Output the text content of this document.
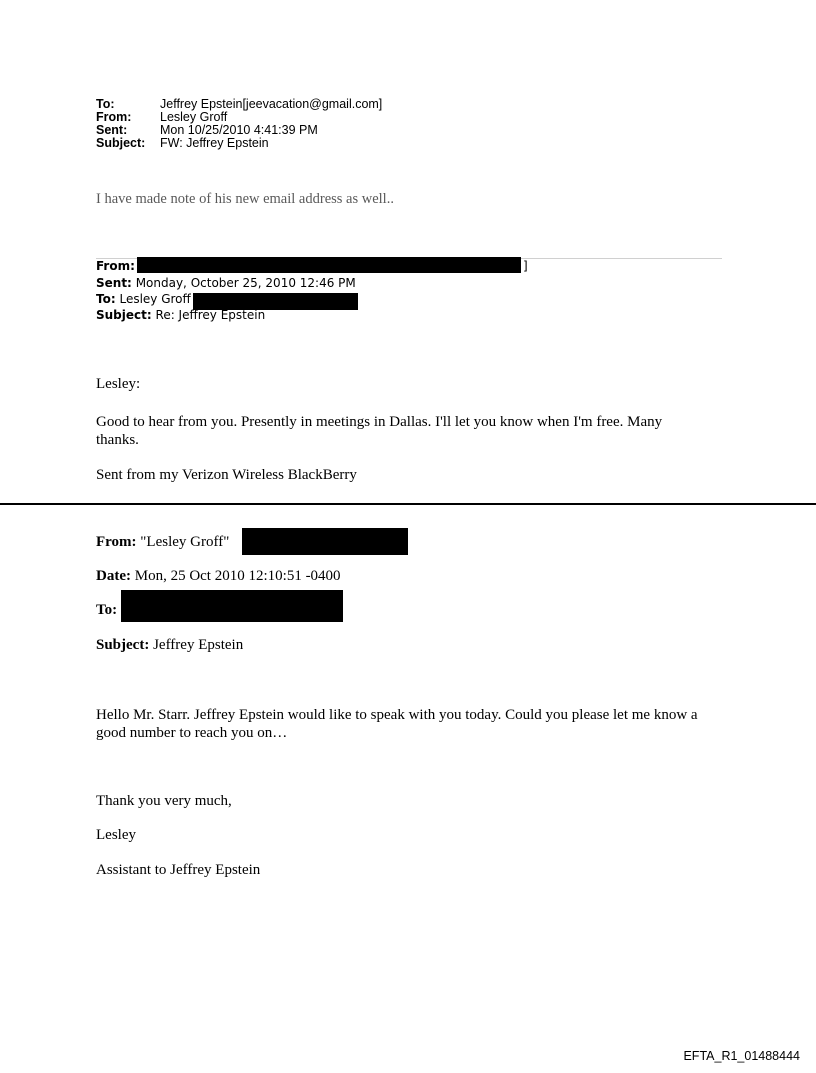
To:	Jeffrey Epstein[jeevacation@gmail.com]
From: Lesley Groff
Sent:	Mon 10/25/2010 4:41:39 PM
Subject: FW: Jeffrey Epstein
I have made note of his new email address as well..
From:	]
Sent: Monday, October 25, 2010 12:46 PM
To: Lesley Groff
Subject: Re: Jeffrey Epstein
Lesley:
Good to hear from you. Presently in meetings in Dallas. I'll let you know when I'm free. Many thanks.
Sent from my Verizon Wireless BlackBerry
From: "Lesley Groff"
Date: Mon, 25 Oct 2010 12:10:51 -0400
To:
Subject: Jeffrey Epstein
Hello Mr. Starr. Jeffrey Epstein would like to speak with you today. Could you please let me know a good number to reach you on…
Thank you very much,
Lesley
Assistant to Jeffrey Epstein
EFTA_R1_01488444
